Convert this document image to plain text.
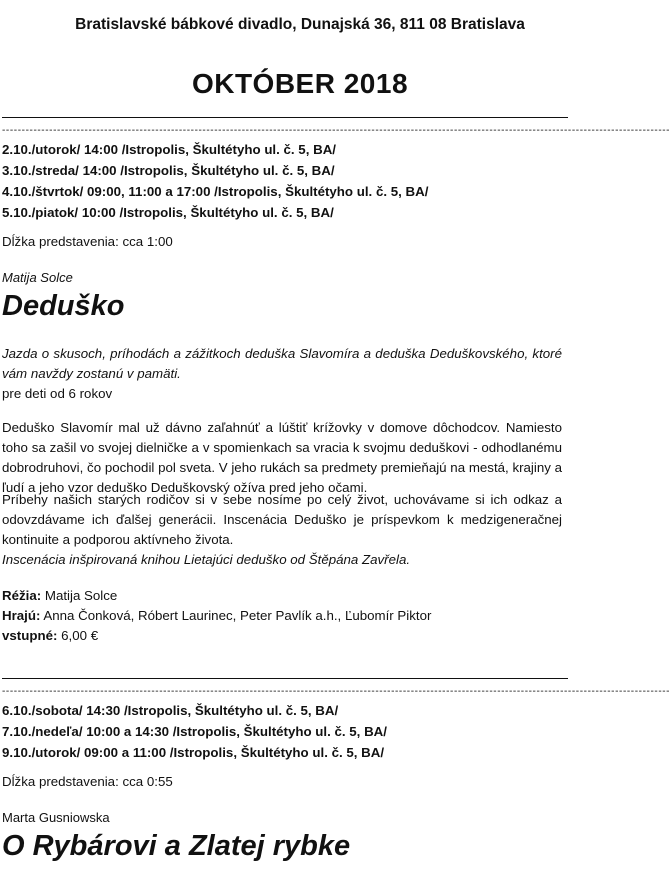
Bratislavské bábkové divadlo, Dunajská 36, 811 08 Bratislava
OKTÓBER 2018
--------------------------------------------------------------------------------------------------------------------------------------------------------------------------
2.10./utorok/ 14:00 /Istropolis, Škultétyho ul. č. 5, BA/
3.10./streda/ 14:00 /Istropolis, Škultétyho ul. č. 5, BA/
4.10./štvrtok/ 09:00, 11:00 a 17:00 /Istropolis, Škultétyho ul. č. 5, BA/
5.10./piatok/ 10:00 /Istropolis, Škultétyho ul. č. 5, BA/
Dĺžka predstavenia: cca 1:00
Matija Solce
Deduško
Jazda o skusoch, príhodách a zážitkoch deduška Slavomíra a deduška Deduškovského, ktoré vám navždy zostanú v pamäti.
pre deti od 6 rokov
Deduško Slavomír mal už dávno zaľahnúť a lúštiť krížovky v domove dôchodcov. Namiesto toho sa zašil vo svojej dielničke a v spomienkach sa vracia k svojmu deduškovi - odhodlanému dobrodruhovi, čo pochodil pol sveta. V jeho rukách sa predmety premieňajú na mestá, krajiny a ľudí a jeho vzor deduško Deduškovský ožíva pred jeho očami.
Príbehy našich starých rodičov si v sebe nosíme po celý život, uchovávame si ich odkaz a odovzdávame ich ďalšej generácii. Inscenácia Deduško je príspevkom k medzigeneračnej kontinuite a podporou aktívneho života.
Inscenácia inšpirovaná knihou Lietajúci deduško od Štěpána Zavřela.
Réžia: Matija Solce
Hrajú: Anna Čonková, Róbert Laurinec, Peter Pavlík a.h., Ľubomír Piktor
vstupné: 6,00 €
--------------------------------------------------------------------------------------------------------------------------------------------------------------------------
6.10./sobota/ 14:30 /Istropolis, Škultétyho ul. č. 5, BA/
7.10./nedeľa/ 10:00 a 14:30 /Istropolis, Škultétyho ul. č. 5, BA/
9.10./utorok/ 09:00 a 11:00 /Istropolis, Škultétyho ul. č. 5, BA/
Dĺžka predstavenia: cca 0:55
Marta Gusniowska
O Rybárovi a Zlatej rybke
